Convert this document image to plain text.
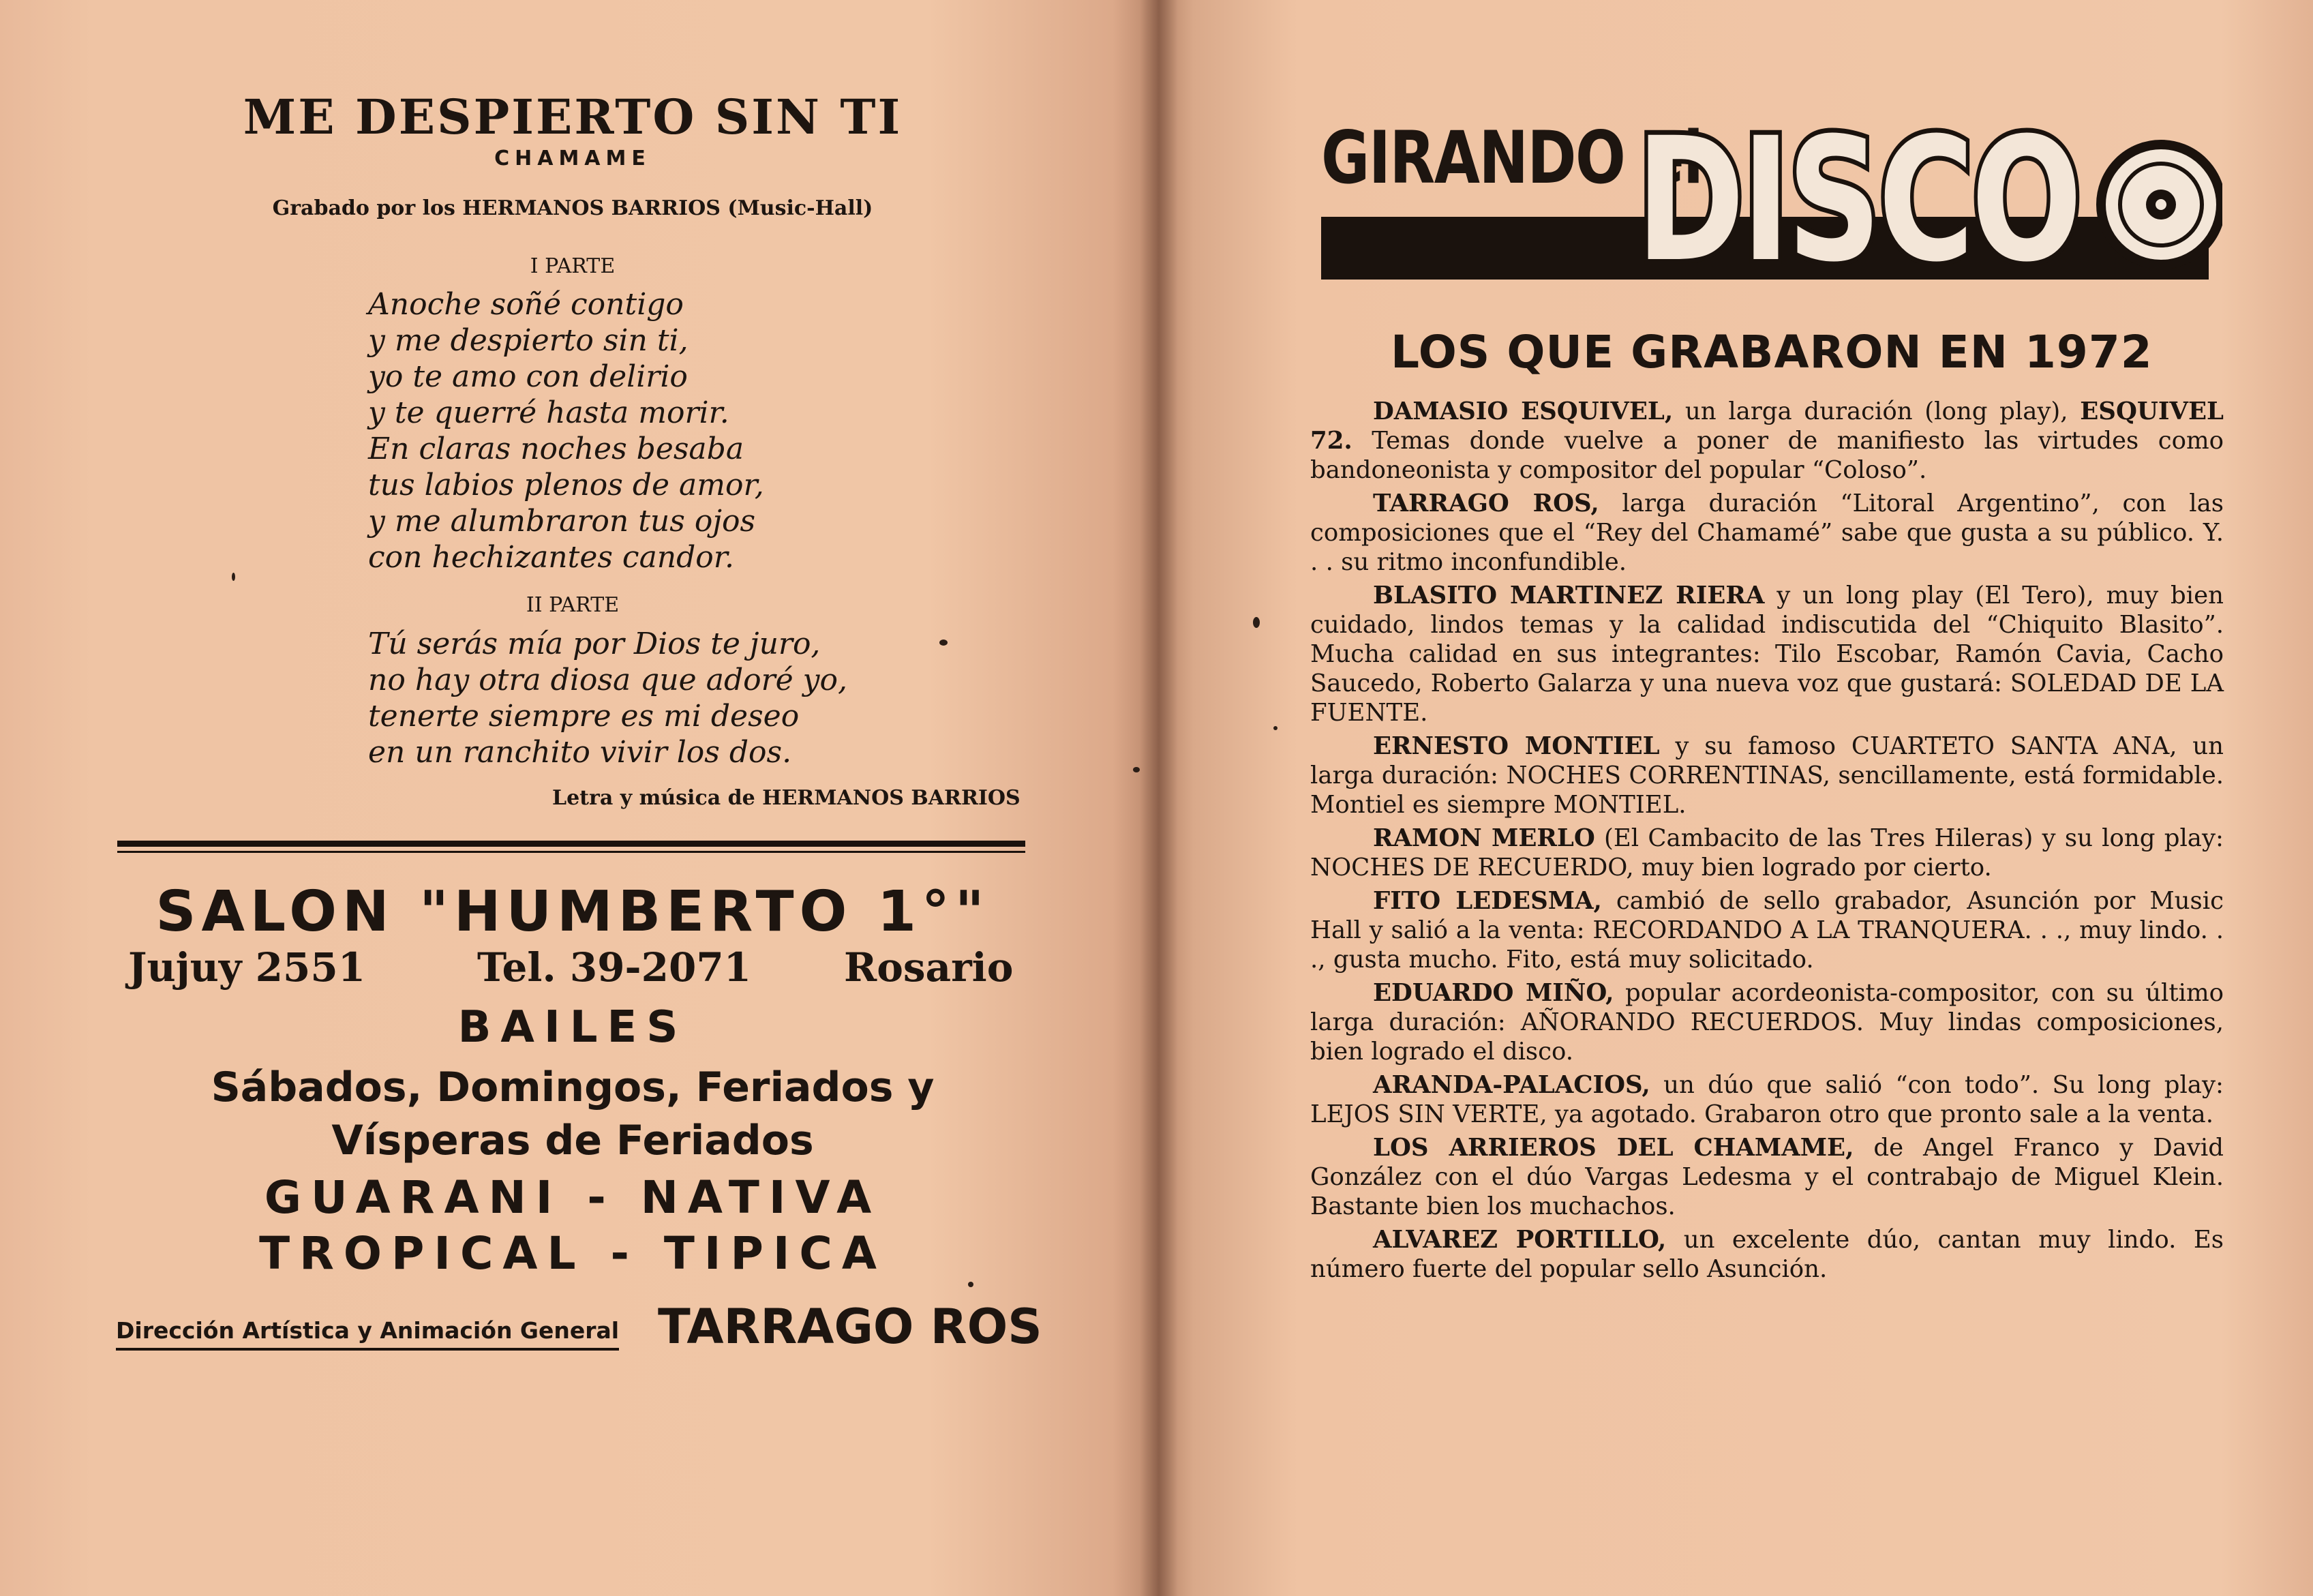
ME DESPIERTO SIN TI
CHAMAME
Grabado por los HERMANOS BARRIOS (Music-Hall)
I PARTE
Anoche soñé contigo
y me despierto sin ti,
yo te amo con delirio
y te querré hasta morir.
En claras noches besaba
tus labios plenos de amor,
y me alumbraron tus ojos
con hechizantes candor.
II PARTE
Tú serás mía por Dios te juro,
no hay otra diosa que adoré yo,
tenerte siempre es mi deseo
en un ranchito vivir los dos.
Letra y música de HERMANOS BARRIOS
SALON "HUMBERTO 1°"
Jujuy 2551	Tel. 39-2071 Rosario
BAILES
Sábados, Domingos, Feriados y
Vísperas de Feriados
GUARANI - NATIVA
TROPICAL - TIPICA
Dirección Artística y Animación General TARRAGO ROS
GIRANDO el
DISCO
LOS QUE GRABARON EN 1972

DAMASIO ESQUIVEL, un larga duración (long play), ESQUIVEL 72. Temas donde vuelve a poner de manifiesto las virtudes como bandoneonista y compositor del popular “Coloso”.

TARRAGO ROS, larga duración “Litoral Argentino”, con las composiciones que el “Rey del Chamamé” sabe que gusta a su público. Y. . . su ritmo inconfundible.

BLASITO MARTINEZ RIERA y un long play (El Tero), muy bien cuidado, lindos temas y la calidad indiscutida del “Chiquito Blasito”. Mucha calidad en sus integrantes: Tilo Escobar, Ramón Cavia, Cacho Saucedo, Roberto Galarza y una nueva voz que gustará: SOLEDAD DE LA FUENTE.

ERNESTO MONTIEL y su famoso CUARTETO SANTA ANA, un larga duración: NOCHES CORRENTINAS, sencillamente, está formidable. Montiel es siempre MONTIEL.

RAMON MERLO (El Cambacito de las Tres Hileras) y su long play: NOCHES DE RECUERDO, muy bien logrado por cierto.

FITO LEDESMA, cambió de sello grabador, Asunción por Music Hall y salió a la venta: RECORDANDO A LA TRANQUERA. . ., muy lindo. . ., gusta mucho. Fito, está muy solicitado.

EDUARDO MIÑO, popular acordeonista-compositor, con su último larga duración: AÑORANDO RECUERDOS. Muy lindas composiciones, bien logrado el disco.

ARANDA-PALACIOS, un dúo que salió “con todo”. Su long play: LEJOS SIN VERTE, ya agotado. Grabaron otro que pronto sale a la venta.

LOS ARRIEROS DEL CHAMAME, de Angel Franco y David González con el dúo Vargas Ledesma y el contrabajo de Miguel Klein. Bastante bien los muchachos.

ALVAREZ PORTILLO, un excelente dúo, cantan muy lindo. Es número fuerte del popular sello Asunción.
